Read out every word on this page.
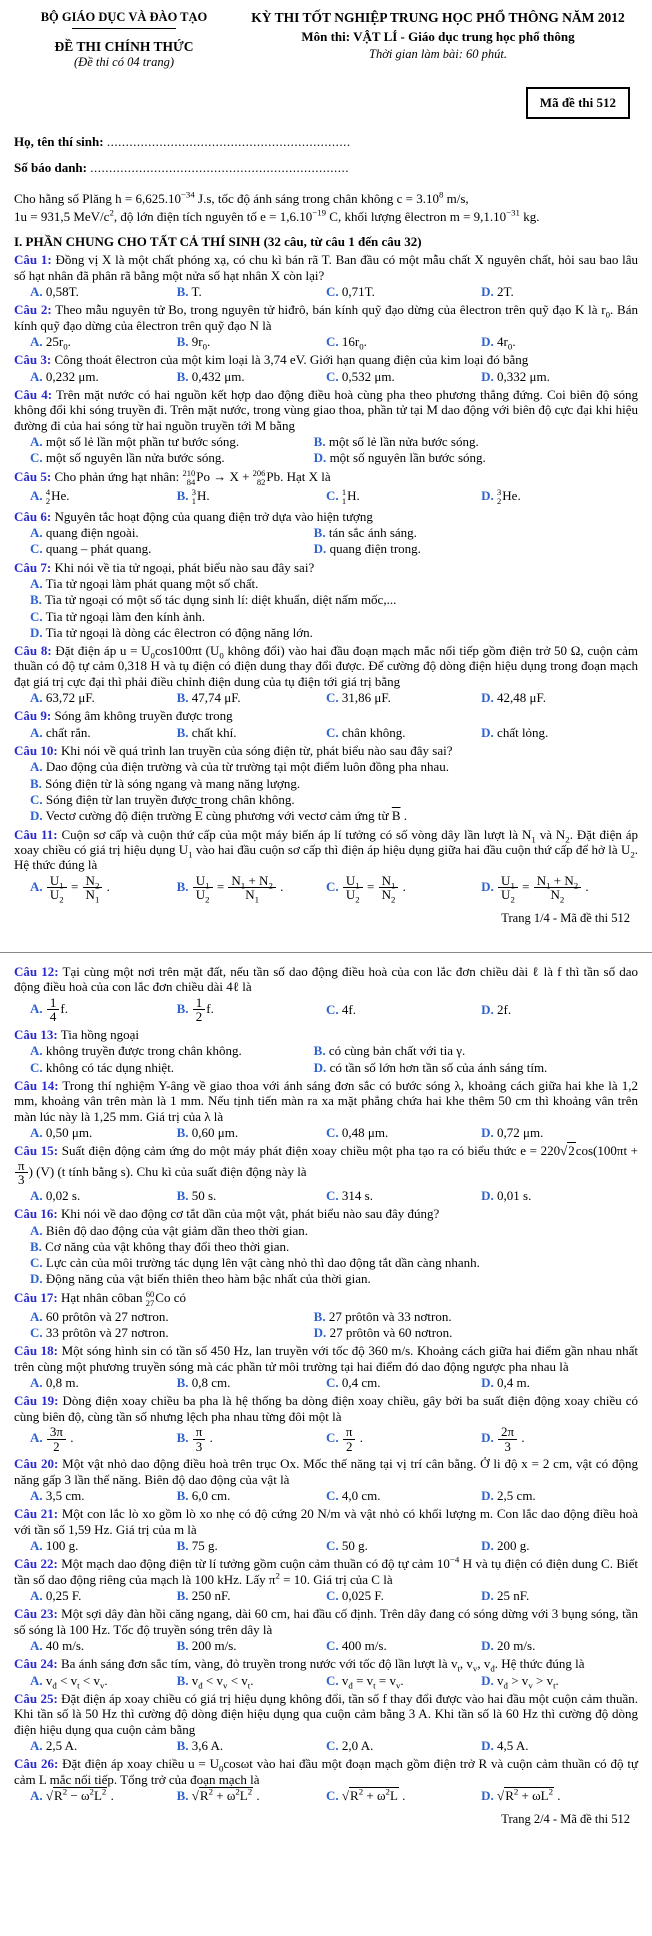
BỘ GIÁO DỤC VÀ ĐÀO TẠO
ĐỀ THI CHÍNH THỨC
(Đề thi có 04 trang)
KỲ THI TỐT NGHIỆP TRUNG HỌC PHỔ THÔNG NĂM 2012
Môn thi: VẬT LÍ - Giáo dục trung học phổ thông
Thời gian làm bài: 60 phút.
Mã đề thi 512
Họ, tên thí sinh: .................................................................
Số báo danh: .....................................................................
Cho hằng số Plăng $h = 6,625.10^{-34}$ J.s, tốc độ ánh sáng trong chân không $c = 3.10^8$ m/s,
1u = 931,5 MeV/$c^2$, độ lớn điện tích nguyên tố $e = 1,6.10^{-19}$ C, khối lượng êlectron $m = 9,1.10^{-31}$ kg.
I. PHẦN CHUNG CHO TẤT CẢ THÍ SINH (32 câu, từ câu 1 đến câu 32)
Câu 1: Đồng vị X là một chất phóng xạ, có chu kì bán rã T. Ban đầu có một mẫu chất X nguyên chất, hỏi sau bao lâu số hạt nhân đã phân rã bằng một nửa số hạt nhân X còn lại?
A. 0,58T.	B. T.	C. 0,71T.	D. 2T.
Câu 2: Theo mẫu nguyên tử Bo, trong nguyên tử hiđrô, bán kính quỹ đạo dừng của êlectron trên quỹ đạo K là $r_0$. Bán kính quỹ đạo dừng của êlectron trên quỹ đạo N là
A. $25r_0$.	B. $9r_0$.	C. $16r_0$.	D. $4r_0$.
Câu 3: Công thoát êlectron của một kim loại là 3,74 eV. Giới hạn quang điện của kim loại đó bằng
A. 0,232 μm.	B. 0,432 μm.	C. 0,532 μm.	D. 0,332 μm.
Câu 4: Trên mặt nước có hai nguồn kết hợp dao động điều hoà cùng pha theo phương thẳng đứng. Coi biên độ sóng không đổi khi sóng truyền đi. Trên mặt nước, trong vùng giao thoa, phần tử tại M dao động với biên độ cực đại khi hiệu đường đi của hai sóng từ hai nguồn truyền tới M bằng
A. một số lẻ lần một phần tư bước sóng.	B. một số lẻ lần nửa bước sóng.
C. một số nguyên lần nửa bước sóng.	D. một số nguyên lần bước sóng.
Câu 5: Cho phản ứng hạt nhân: 210
84 Po → X + 206
82 Pb. Hạt X là
A. 4
2 He.	B. 3
1 H.	C. 1
1 H.	D. 3
2 He.
Câu 6: Nguyên tắc hoạt động của quang điện trở dựa vào hiện tượng
A. quang điện ngoài.	B. tán sắc ánh sáng.
C. quang – phát quang.	D. quang điện trong.
Câu 7: Khi nói về tia tử ngoại, phát biểu nào sau đây sai?
A. Tia tử ngoại làm phát quang một số chất.
B. Tia tử ngoại có một số tác dụng sinh lí: diệt khuẩn, diệt nấm mốc,...
C. Tia tử ngoại làm đen kính ảnh.
D. Tia tử ngoại là dòng các êlectron có động năng lớn.
Câu 8: Đặt điện áp $u = U_0\cos 100\pi t$ ($U_0$ không đổi) vào hai đầu đoạn mạch mắc nối tiếp gồm điện trở 50 Ω, cuộn cảm thuần có độ tự cảm 0,318 H và tụ điện có điện dung thay đổi được. Để cường độ dòng điện hiệu dụng trong đoạn mạch đạt giá trị cực đại thì phải điều chỉnh điện dung của tụ điện tới giá trị bằng
A. 63,72 μF.	B. 47,74 μF.	C. 31,86 μF.	D. 42,48 μF.
Câu 9: Sóng âm không truyền được trong
A. chất rắn.	B. chất khí.	C. chân không.	D. chất lỏng.
Câu 10: Khi nói về quá trình lan truyền của sóng điện từ, phát biểu nào sau đây sai?
A. Dao động của điện trường và của từ trường tại một điểm luôn đồng pha nhau.
B. Sóng điện từ là sóng ngang và mang năng lượng.
C. Sóng điện từ lan truyền được trong chân không.
D. Vectơ cường độ điện trường $\overline{E}$ cùng phương với vectơ cảm ứng từ $\overline{B}$ .
Câu 11: Cuộn sơ cấp và cuộn thứ cấp của một máy biến áp lí tưởng có số vòng dây lần lượt là $N_1$ và $N_2$. Đặt điện áp xoay chiều có giá trị hiệu dụng $U_1$ vào hai đầu cuộn sơ cấp thì điện áp hiệu dụng giữa hai đầu cuộn thứ cấp để hở là $U_2$. Hệ thức đúng là
A. $\frac{U_1}{U_2} = \frac{N_2}{N_1}$ .	B. $\frac{U_1}{U_2} = \frac{N_1 + N_2}{N_1}$ .	C. $\frac{U_1}{U_2} = \frac{N_1}{N_2}$ .	D. $\frac{U_1}{U_2} = \frac{N_1 + N_2}{N_2}$ .
Trang 1/4 - Mã đề thi 512
Câu 12: Tại cùng một nơi trên mặt đất, nếu tần số dao động điều hoà của con lắc đơn chiều dài ℓ là f thì tần số dao động điều hoà của con lắc đơn chiều dài 4ℓ là
A. $\frac{1}{4} f$.	B. $\frac{1}{2} f$.	C. 4f.	D. 2f.
Câu 13: Tia hồng ngoại
A. không truyền được trong chân không.	B. có cùng bản chất với tia γ.
C. không có tác dụng nhiệt.	D. có tần số lớn hơn tần số của ánh sáng tím.
Câu 14: Trong thí nghiệm Y-âng về giao thoa với ánh sáng đơn sắc có bước sóng λ, khoảng cách giữa hai khe là 1,2 mm, khoảng vân trên màn là 1 mm. Nếu tịnh tiến màn ra xa mặt phẳng chứa hai khe thêm 50 cm thì khoảng vân trên màn lúc này là 1,25 mm. Giá trị của λ là
A. 0,50 μm.	B. 0,60 μm.	C. 0,48 μm.	D. 0,72 μm.
Câu 15: Suất điện động cảm ứng do một máy phát điện xoay chiều một pha tạo ra có biểu thức e = 220√2cos(100πt +
$\frac{\pi}{3}$ ) (V) (t tính bằng s). Chu kì của suất điện động này là
A. 0,02 s.	B. 50 s.	C. 314 s.	D. 0,01 s.
Câu 16: Khi nói về dao động cơ tắt dần của một vật, phát biểu nào sau đây đúng?
A. Biên độ dao động của vật giảm dần theo thời gian.
B. Cơ năng của vật không thay đổi theo thời gian.
C. Lực cản của môi trường tác dụng lên vật càng nhỏ thì dao động tắt dần càng nhanh.
D. Động năng của vật biến thiên theo hàm bậc nhất của thời gian.
Câu 17: Hạt nhân côban 60
27 Co có
A. 60 prôtôn và 27 nơtron.	B. 27 prôtôn và 33 nơtron.
C. 33 prôtôn và 27 nơtron.	D. 27 prôtôn và 60 nơtron.
Câu 18: Một sóng hình sin có tần số 450 Hz, lan truyền với tốc độ 360 m/s. Khoảng cách giữa hai điểm gần nhau nhất trên cùng một phương truyền sóng mà các phần tử môi trường tại hai điểm đó dao động ngược pha nhau là
A. 0,8 m.	B. 0,8 cm.	C. 0,4 cm.	D. 0,4 m.
Câu 19: Dòng điện xoay chiều ba pha là hệ thống ba dòng điện xoay chiều, gây bởi ba suất điện động xoay chiều có cùng biên độ, cùng tần số nhưng lệch pha nhau từng đôi một là
A. $\frac{3\pi}{2}$ .	B. $\frac{\pi}{3}$ .	C. $\frac{\pi}{2}$ .	D. $\frac{2\pi}{3}$ .
Câu 20: Một vật nhỏ dao động điều hoà trên trục Ox. Mốc thế năng tại vị trí cân bằng. Ở li độ x = 2 cm, vật có động năng gấp 3 lần thế năng. Biên độ dao động của vật là
A. 3,5 cm.	B. 6,0 cm.	C. 4,0 cm.	D. 2,5 cm.
Câu 21: Một con lắc lò xo gồm lò xo nhẹ có độ cứng 20 N/m và vật nhỏ có khối lượng m. Con lắc dao động điều hoà với tần số 1,59 Hz. Giá trị của m là
A. 100 g.	B. 75 g.	C. 50 g.	D. 200 g.
Câu 22: Một mạch dao động điện từ lí tưởng gồm cuộn cảm thuần có độ tự cảm $10^{-4}$ H và tụ điện có điện dung C. Biết tần số dao động riêng của mạch là 100 kHz. Lấy $\pi^2 = 10$. Giá trị của C là
A. 0,25 F.	B. 250 nF.	C. 0,025 F.	D. 25 nF.
Câu 23: Một sợi dây đàn hồi căng ngang, dài 60 cm, hai đầu cố định. Trên dây đang có sóng dừng với 3 bụng sóng, tần số sóng là 100 Hz. Tốc độ truyền sóng trên dây là
A. 40 m/s.	B. 200 m/s.	C. 400 m/s.	D. 20 m/s.
Câu 24: Ba ánh sáng đơn sắc tím, vàng, đỏ truyền trong nước với tốc độ lần lượt là $v_t$, $v_v$, $v_đ$. Hệ thức đúng là
A. $v_đ < v_t < v_v$.	B. $v_đ < v_v < v_t$.	C. $v_đ = v_t = v_v$.	D. $v_đ > v_v > v_t$.
Câu 25: Đặt điện áp xoay chiều có giá trị hiệu dụng không đổi, tần số f thay đổi được vào hai đầu một cuộn cảm thuần. Khi tần số là 50 Hz thì cường độ dòng điện hiệu dụng qua cuộn cảm bằng 3 A. Khi tần số là 60 Hz thì cường độ dòng điện hiệu dụng qua cuộn cảm bằng
A. 2,5 A.	B. 3,6 A.	C. 2,0 A.	D. 4,5 A.
Câu 26: Đặt điện áp xoay chiều $u = U_0\cos\omega t$ vào hai đầu một đoạn mạch gồm điện trở R và cuộn cảm thuần có độ tự cảm L mắc nối tiếp. Tổng trở của đoạn mạch là
A. $√R^2 - \omega^2L^2$ .	B. $√R^2 + \omega^2L^2$ .	C. $√R^2 + \omega^2L$ .	D. $√R^2 + \omega L^2$ .
Trang 2/4 - Mã đề thi 512
